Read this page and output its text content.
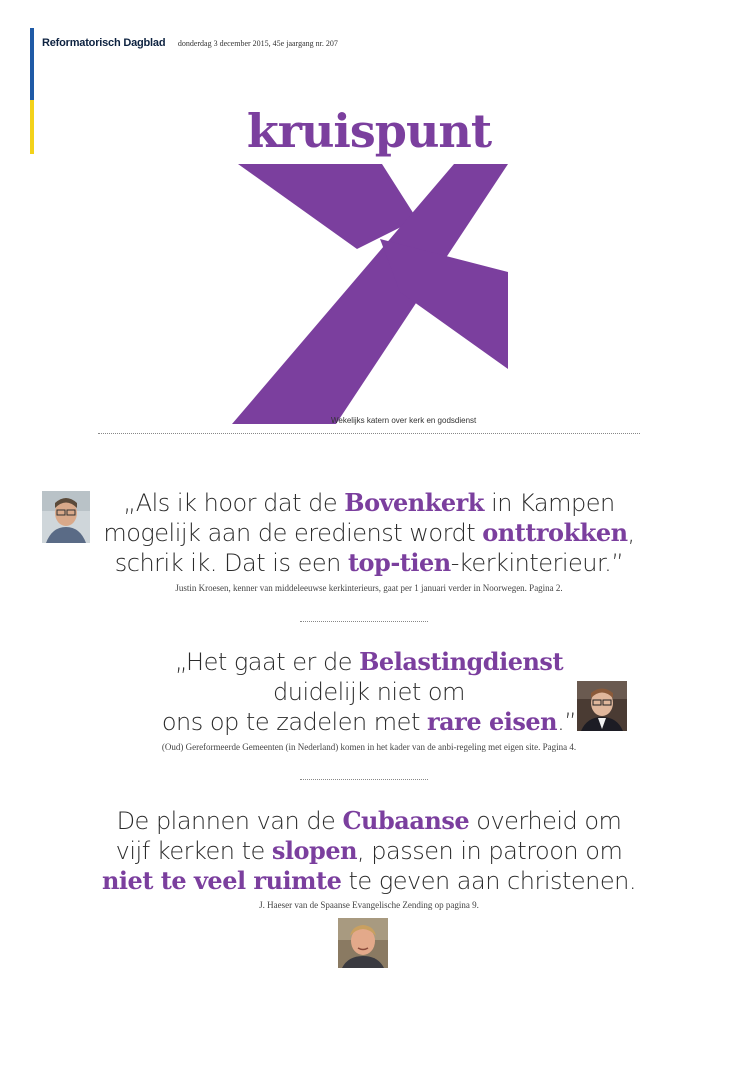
Reformatorisch Dagblad donderdag 3 december 2015, 45e jaargang nr. 207
kruispunt
Wekelijks katern over kerk en godsdienst
„Als ik hoor dat de Bovenkerk in Kampen
mogelijk aan de eredienst wordt onttrokken,
schrik ik. Dat is een top-tien-kerkinterieur.”
Justin Kroesen, kenner van middeleeuwse kerkinterieurs, gaat per 1 januari verder in Noorwegen. Pagina 2.
„Het gaat er de Belastingdienst
duidelijk niet om
ons op te zadelen met rare eisen.”
(Oud) Gereformeerde Gemeenten (in Nederland) komen in het kader van de anbi-regeling met eigen site. Pagina 4.
De plannen van de Cubaanse overheid om
vijf kerken te slopen, passen in patroon om
niet te veel ruimte te geven aan christenen.
J. Haeser van de Spaanse Evangelische Zending op pagina 9.
